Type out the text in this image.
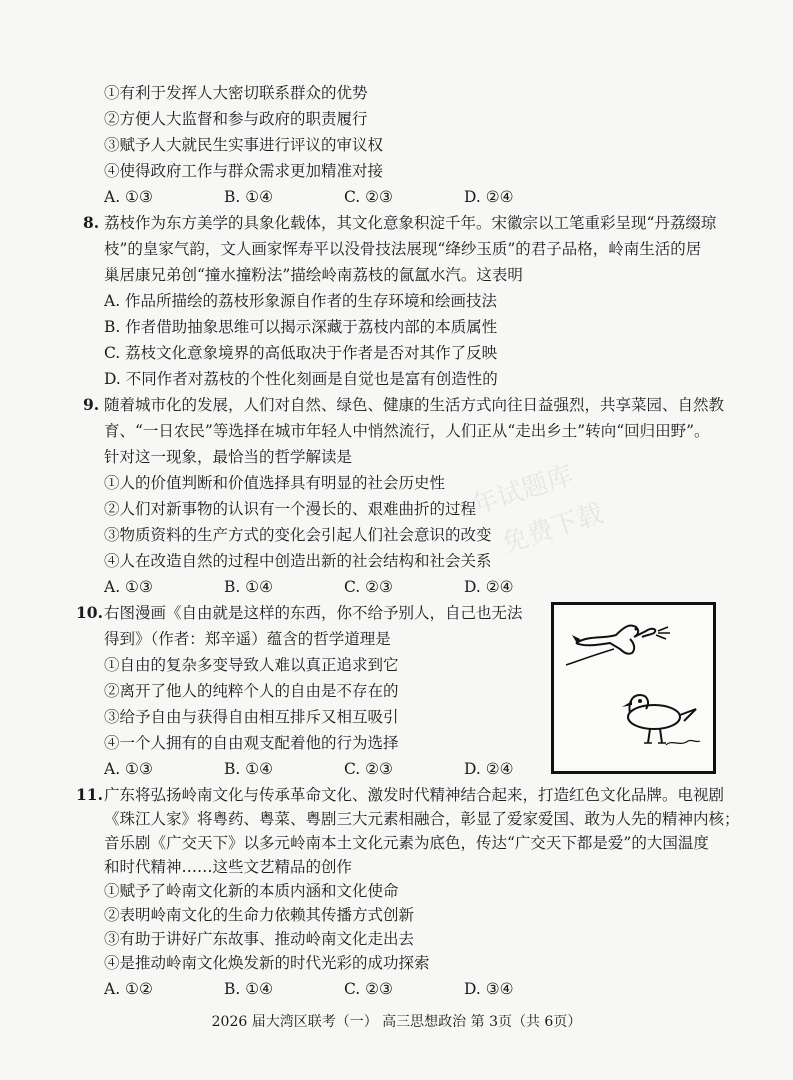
年试题库
免费下载
①有利于发挥人大密切联系群众的优势
②方便人大监督和参与政府的职责履行
③赋予人大就民生实事进行评议的审议权
④使得政府工作与群众需求更加精准对接
A. ①③	B. ①④	C. ②③	D. ②④
8. 荔枝作为东方美学的具象化载体，其文化意象积淀千年。宋徽宗以工笔重彩呈现“丹荔缀琼
枝”的皇家气韵，文人画家恽寿平以没骨技法展现“绛纱玉质”的君子品格，岭南生活的居
巢居康兄弟创“撞水撞粉法”描绘岭南荔枝的氤氲水汽。这表明
A. 作品所描绘的荔枝形象源自作者的生存环境和绘画技法
B. 作者借助抽象思维可以揭示深藏于荔枝内部的本质属性
C. 荔枝文化意象境界的高低取决于作者是否对其作了反映
D. 不同作者对荔枝的个性化刻画是自觉也是富有创造性的
9. 随着城市化的发展，人们对自然、绿色、健康的生活方式向往日益强烈，共享菜园、自然教
育、“一日农民”等选择在城市年轻人中悄然流行，人们正从“走出乡土”转向“回归田野”。
针对这一现象，最恰当的哲学解读是
①人的价值判断和价值选择具有明显的社会历史性
②人们对新事物的认识有一个漫长的、艰难曲折的过程
③物质资料的生产方式的变化会引起人们社会意识的改变
④人在改造自然的过程中创造出新的社会结构和社会关系
A. ①③	B. ①④	C. ②③	D. ②④
10. 右图漫画《自由就是这样的东西，你不给予别人，自己也无法
得到》（作者：郑辛遥）蕴含的哲学道理是
①自由的复杂多变导致人难以真正追求到它
②离开了他人的纯粹个人的自由是不存在的
③给予自由与获得自由相互排斥又相互吸引
④一个人拥有的自由观支配着他的行为选择
A. ①③	B. ①④	C. ②③	D. ②④
11. 广东将弘扬岭南文化与传承革命文化、激发时代精神结合起来，打造红色文化品牌。电视剧
《珠江人家》将粤药、粤菜、粤剧三大元素相融合，彰显了爱家爱国、敢为人先的精神内核；
音乐剧《广交天下》以多元岭南本土文化元素为底色，传达“广交天下都是爱”的大国温度
和时代精神……这些文艺精品的创作
①赋予了岭南文化新的本质内涵和文化使命
②表明岭南文化的生命力依赖其传播方式创新
③有助于讲好广东故事、推动岭南文化走出去
④是推动岭南文化焕发新的时代光彩的成功探索
A. ①②	B. ①④	C. ②③	D. ③④
2026 届大湾区联考（一） 高三思想政治 第 3页（共 6页）
